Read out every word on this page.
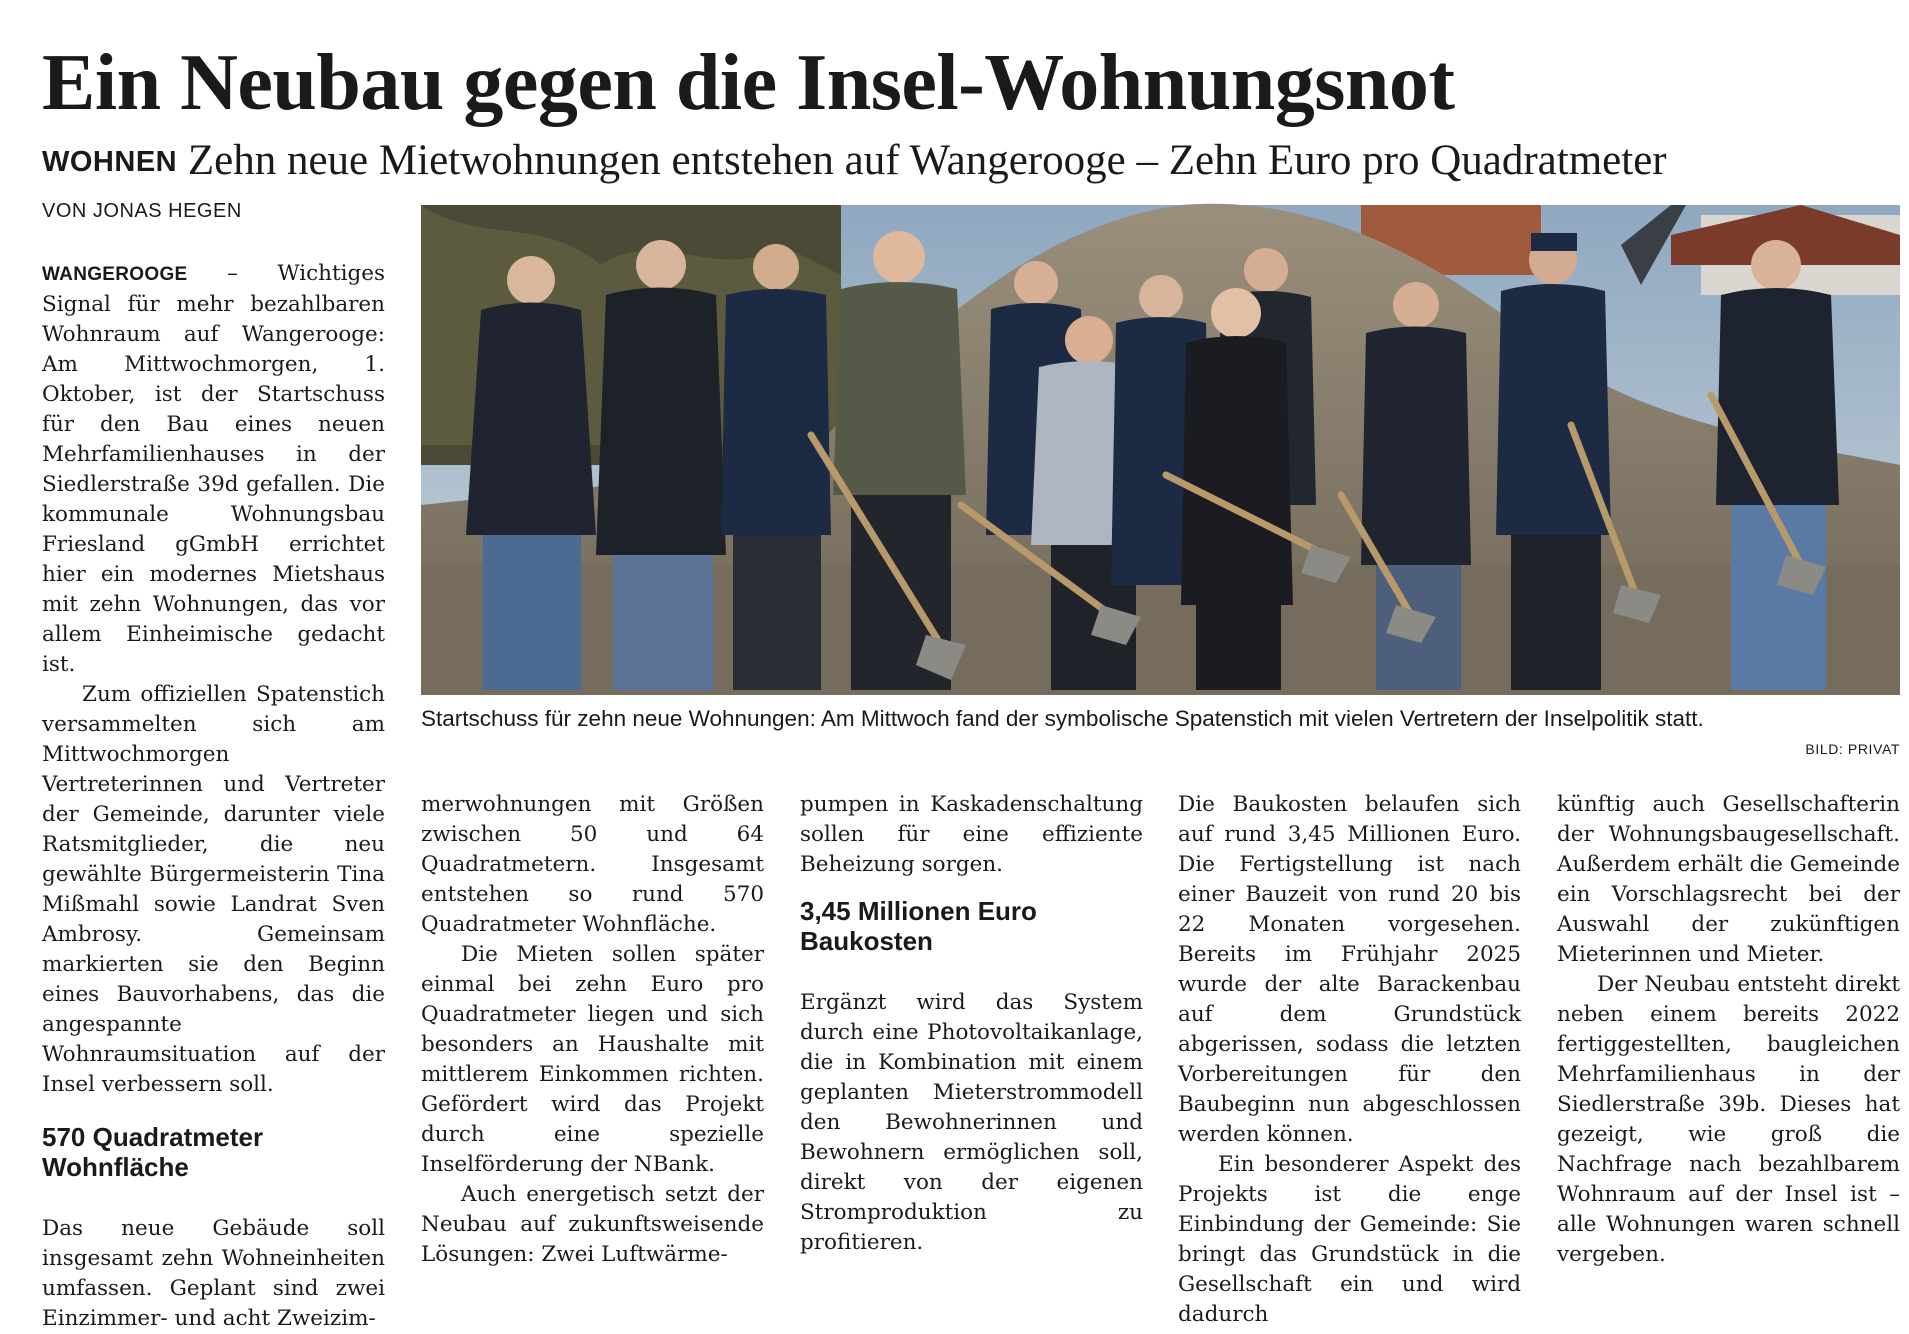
Ein Neubau gegen die Insel-Wohnungsnot
WOHNEN Zehn neue Mietwohnungen entstehen auf Wangerooge – Zehn Euro pro Quadratmeter
VON JONAS HEGEN

WANGEROOGE – Wichtiges Signal für mehr bezahlbaren Wohnraum auf Wangerooge: Am Mittwochmorgen, 1. Oktober, ist der Startschuss für den Bau eines neuen Mehrfamilienhauses in der Siedlerstraße 39d gefallen. Die kommunale Wohnungsbau Friesland gGmbH errichtet hier ein modernes Mietshaus mit zehn Wohnungen, das vor allem Einheimische gedacht ist.

Zum offiziellen Spatenstich versammelten sich am Mittwochmorgen Vertreterinnen und Vertreter der Gemeinde, darunter viele Ratsmitglieder, die neu gewählte Bürgermeisterin Tina Mißmahl sowie Landrat Sven Ambrosy. Gemeinsam markierten sie den Beginn eines Bauvorhabens, das die angespannte Wohnraumsituation auf der Insel verbessern soll.

570 Quadratmeter Wohnfläche

Das neue Gebäude soll insgesamt zehn Wohneinheiten umfassen. Geplant sind zwei Einzimmer- und acht Zweizim-

Startschuss für zehn neue Wohnungen: Am Mittwoch fand der symbolische Spatenstich mit vielen Vertretern der Inselpolitik statt.
BILD: PRIVAT

merwohnungen mit Größen zwischen 50 und 64 Quadratmetern. Insgesamt entstehen so rund 570 Quadratmeter Wohnfläche.

Die Mieten sollen später einmal bei zehn Euro pro Quadratmeter liegen und sich besonders an Haushalte mit mittlerem Einkommen richten. Gefördert wird das Projekt durch eine spezielle Inselförderung der NBank.

Auch energetisch setzt der Neubau auf zukunftsweisende Lösungen: Zwei Luftwärme-

pumpen in Kaskadenschaltung sollen für eine effiziente Beheizung sorgen.

3,45 Millionen Euro Baukosten

Ergänzt wird das System durch eine Photovoltaikanlage, die in Kombination mit einem geplanten Mieterstrommodell den Bewohnerinnen und Bewohnern ermöglichen soll, direkt von der eigenen Stromproduktion zu profitieren.

Die Baukosten belaufen sich auf rund 3,45 Millionen Euro. Die Fertigstellung ist nach einer Bauzeit von rund 20 bis 22 Monaten vorgesehen. Bereits im Frühjahr 2025 wurde der alte Barackenbau auf dem Grundstück abgerissen, sodass die letzten Vorbereitungen für den Baubeginn nun abgeschlossen werden können.

Ein besonderer Aspekt des Projekts ist die enge Einbindung der Gemeinde: Sie bringt das Grundstück in die Gesellschaft ein und wird dadurch

künftig auch Gesellschafterin der Wohnungsbaugesellschaft. Außerdem erhält die Gemeinde ein Vorschlagsrecht bei der Auswahl der zukünftigen Mieterinnen und Mieter.

Der Neubau entsteht direkt neben einem bereits 2022 fertiggestellten, baugleichen Mehrfamilienhaus in der Siedlerstraße 39b. Dieses hat gezeigt, wie groß die Nachfrage nach bezahlbarem Wohnraum auf der Insel ist – alle Wohnungen waren schnell vergeben.
